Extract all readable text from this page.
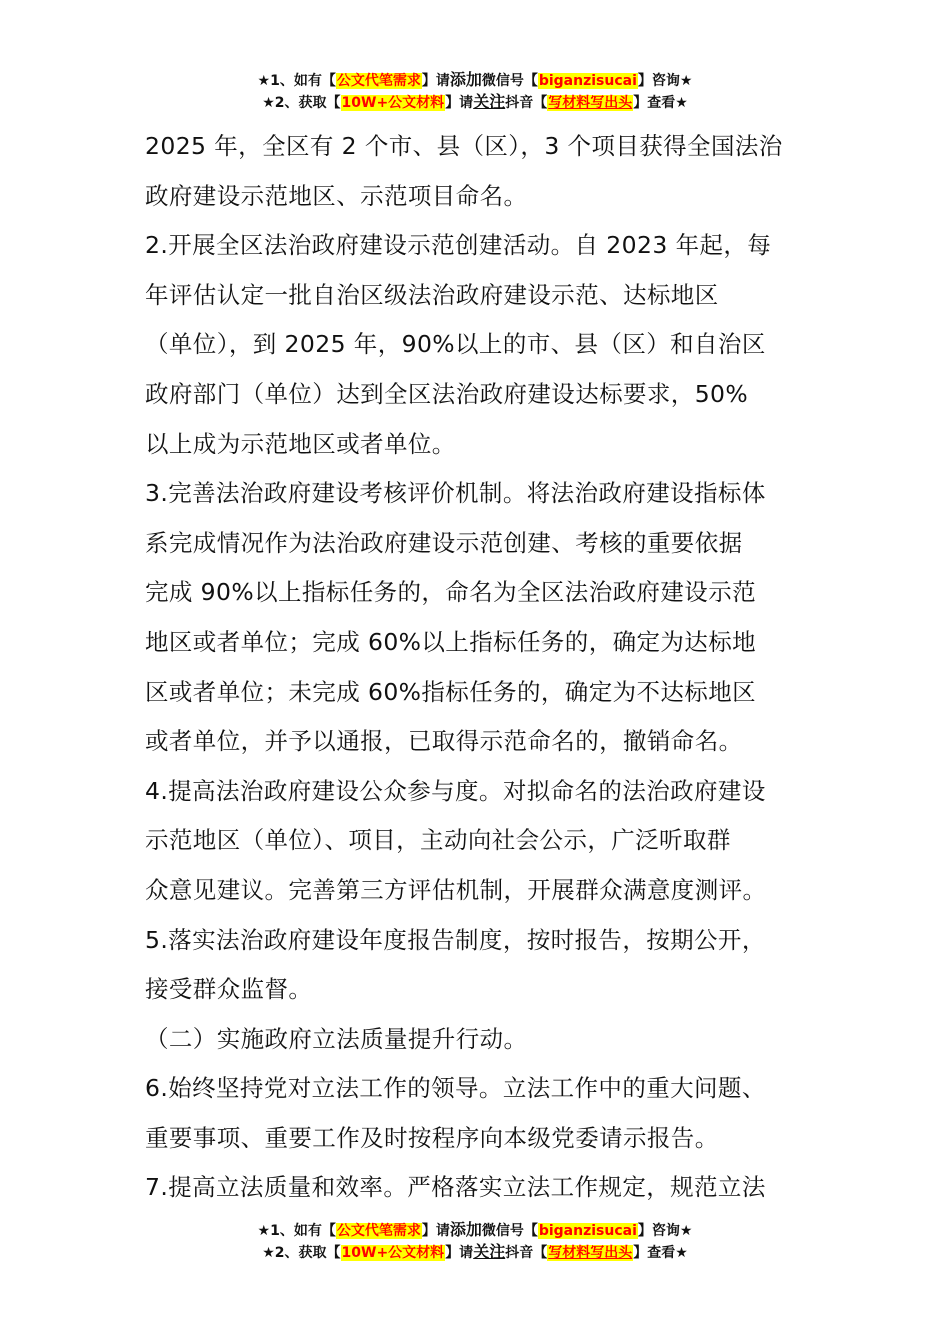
★1、如有【公文代笔需求】请添加微信号【biganzisucai】咨询★
★2、获取【10W+公文材料】请关注抖音【写材料写出头】查看★
2025 年，全区有 2 个市、县（区），3 个项目获得全国法治
政府建设示范地区、示范项目命名。
2.开展全区法治政府建设示范创建活动。自 2023 年起，每
年评估认定一批自治区级法治政府建设示范、达标地区
（单位），到 2025 年，90%以上的市、县（区）和自治区
政府部门（单位）达到全区法治政府建设达标要求，50%
以上成为示范地区或者单位。
3.完善法治政府建设考核评价机制。将法治政府建设指标体
系完成情况作为法治政府建设示范创建、考核的重要依据
完成 90%以上指标任务的，命名为全区法治政府建设示范
地区或者单位；完成 60%以上指标任务的，确定为达标地
区或者单位；未完成 60%指标任务的，确定为不达标地区
或者单位，并予以通报，已取得示范命名的，撤销命名。
4.提高法治政府建设公众参与度。对拟命名的法治政府建设
示范地区（单位）、项目，主动向社会公示，广泛听取群
众意见建议。完善第三方评估机制，开展群众满意度测评。
5.落实法治政府建设年度报告制度，按时报告，按期公开，
接受群众监督。
（二）实施政府立法质量提升行动。
6.始终坚持党对立法工作的领导。立法工作中的重大问题、
重要事项、重要工作及时按程序向本级党委请示报告。
7.提高立法质量和效率。严格落实立法工作规定，规范立法
★1、如有【公文代笔需求】请添加微信号【biganzisucai】咨询★
★2、获取【10W+公文材料】请关注抖音【写材料写出头】查看★
